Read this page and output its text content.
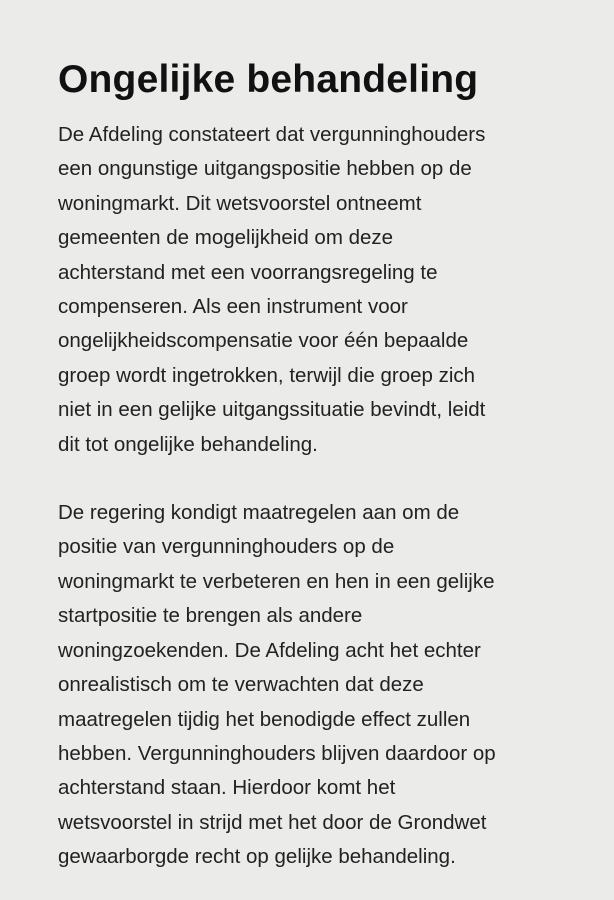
Ongelijke behandeling

De Afdeling constateert dat vergunninghouders
een ongunstige uitgangspositie hebben op de
woningmarkt. Dit wetsvoorstel ontneemt
gemeenten de mogelijkheid om deze
achterstand met een voorrangsregeling te
compenseren. Als een instrument voor
ongelijkheidscompensatie voor één bepaalde
groep wordt ingetrokken, terwijl die groep zich
niet in een gelijke uitgangssituatie bevindt, leidt
dit tot ongelijke behandeling.

De regering kondigt maatregelen aan om de
positie van vergunninghouders op de
woningmarkt te verbeteren en hen in een gelijke
startpositie te brengen als andere
woningzoekenden. De Afdeling acht het echter
onrealistisch om te verwachten dat deze
maatregelen tijdig het benodigde effect zullen
hebben. Vergunninghouders blijven daardoor op
achterstand staan. Hierdoor komt het
wetsvoorstel in strijd met het door de Grondwet
gewaarborgde recht op gelijke behandeling.
